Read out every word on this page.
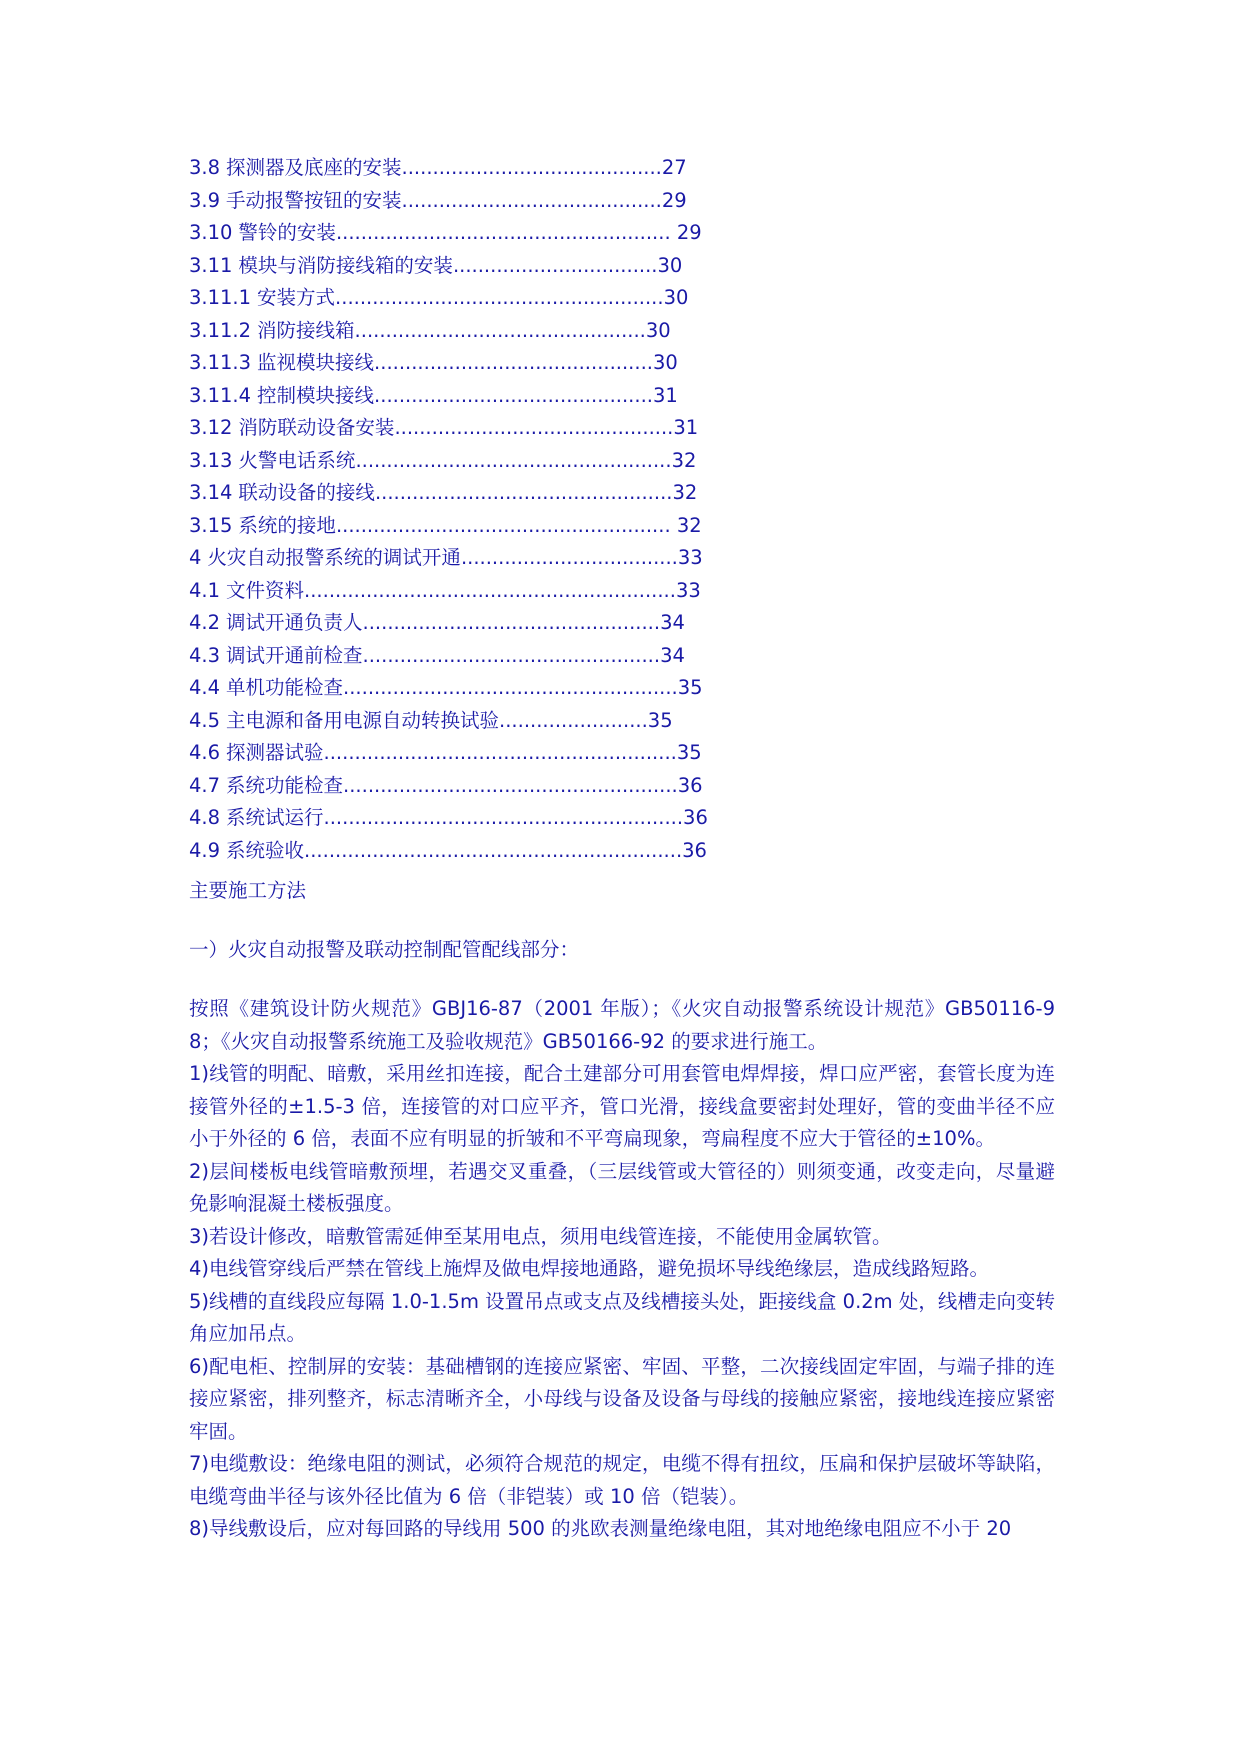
3.8 探测器及底座的安装..........................................27
3.9 手动报警按钮的安装..........................................29
3.10 警铃的安装...................................................... 29
3.11 模块与消防接线箱的安装.................................30
3.11.1 安装方式.....................................................30
3.11.2 消防接线箱...............................................30
3.11.3 监视模块接线.............................................30
3.11.4 控制模块接线.............................................31
3.12 消防联动设备安装.............................................31
3.13 火警电话系统...................................................32
3.14 联动设备的接线................................................32
3.15 系统的接地...................................................... 32
4 火灾自动报警系统的调试开通...................................33
4.1 文件资料............................................................33
4.2 调试开通负责人................................................34
4.3 调试开通前检查................................................34
4.4 单机功能检查......................................................35
4.5 主电源和备用电源自动转换试验........................35
4.6 探测器试验.........................................................35
4.7 系统功能检查......................................................36
4.8 系统试运行..........................................................36
4.9 系统验收.............................................................36
主要施工方法
一）火灾自动报警及联动控制配管配线部分：

按照《建筑设计防火规范》GBJ16-87（2001 年版）；《火灾自动报警系统设计规范》GB50116-98；《火灾自动报警系统施工及验收规范》GB50166-92 的要求进行施工。

1)线管的明配、暗敷，采用丝扣连接，配合土建部分可用套管电焊焊接，焊口应严密，套管长度为连接管外径的±1.5-3 倍，连接管的对口应平齐，管口光滑，接线盒要密封处理好，管的变曲半径不应小于外径的 6 倍，表面不应有明显的折皱和不平弯扁现象，弯扁程度不应大于管径的±10%。

2)层间楼板电线管暗敷预埋，若遇交叉重叠，（三层线管或大管径的）则须变通，改变走向，尽量避免影响混凝土楼板强度。

3)若设计修改，暗敷管需延伸至某用电点，须用电线管连接，不能使用金属软管。

4)电线管穿线后严禁在管线上施焊及做电焊接地通路，避免损坏导线绝缘层，造成线路短路。

5)线槽的直线段应每隔 1.0-1.5m 设置吊点或支点及线槽接头处，距接线盒 0.2m 处，线槽走向变转角应加吊点。

6)配电柜、控制屏的安装：基础槽钢的连接应紧密、牢固、平整，二次接线固定牢固，与端子排的连接应紧密，排列整齐，标志清晰齐全，小母线与设备及设备与母线的接触应紧密，接地线连接应紧密牢固。

7)电缆敷设：绝缘电阻的测试，必须符合规范的规定，电缆不得有扭纹，压扁和保护层破坏等缺陷，电缆弯曲半径与该外径比值为 6 倍（非铠装）或 10 倍（铠装）。

8)导线敷设后，应对每回路的导线用 500 的兆欧表测量绝缘电阻，其对地绝缘电阻应不小于 20
